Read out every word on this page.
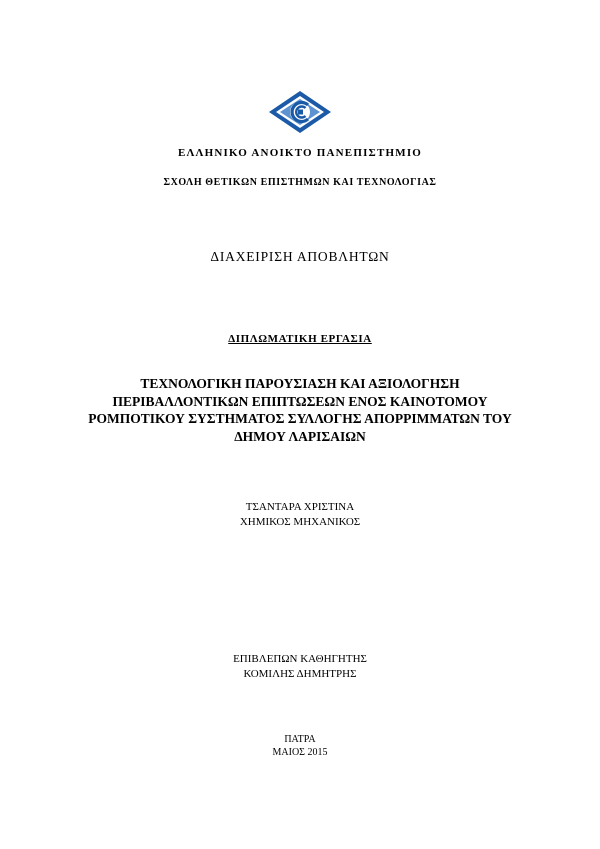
ΕΛΛΗΝΙΚΟ ΑΝΟΙΚΤΟ ΠΑΝΕΠΙΣΤΗΜΙΟ
ΣΧΟΛΗ ΘΕΤΙΚΩΝ ΕΠΙΣΤΗΜΩΝ ΚΑΙ ΤΕΧΝΟΛΟΓΙΑΣ
ΔΙΑΧΕΙΡΙΣΗ ΑΠΟΒΛΗΤΩΝ
ΔΙΠΛΩΜΑΤΙΚΗ ΕΡΓΑΣΙΑ
ΤΕΧΝΟΛΟΓΙΚΗ ΠΑΡΟΥΣΙΑΣΗ ΚΑΙ ΑΞΙΟΛΟΓΗΣΗ
ΠΕΡΙΒΑΛΛΟΝΤΙΚΩΝ ΕΠΙΠΤΩΣΕΩΝ ΕΝΟΣ ΚΑΙΝΟΤΟΜΟΥ
ΡΟΜΠΟΤΙΚΟΥ ΣΥΣΤΗΜΑΤΟΣ ΣΥΛΛΟΓΗΣ ΑΠΟΡΡΙΜΜΑΤΩΝ ΤΟΥ
ΔΗΜΟΥ ΛΑΡΙΣΑΙΩΝ
ΤΣΑΝΤΑΡΑ ΧΡΙΣΤΙΝΑ
ΧΗΜΙΚΟΣ ΜΗΧΑΝΙΚΟΣ
ΕΠΙΒΛΕΠΩΝ ΚΑΘΗΓΗΤΗΣ
ΚΟΜΙΛΗΣ ΔΗΜΗΤΡΗΣ
ΠΑΤΡΑ
ΜΑΙΟΣ 2015
